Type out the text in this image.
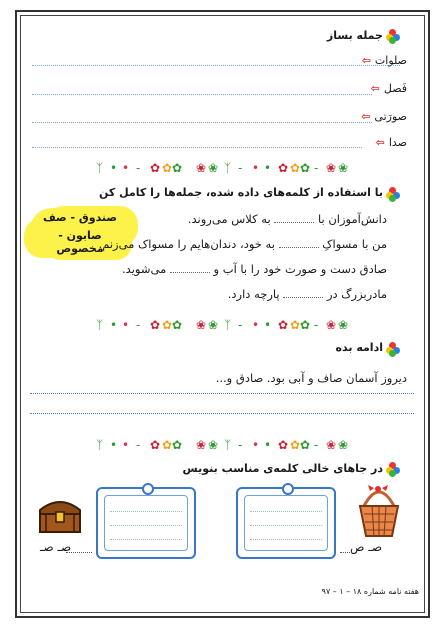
جمله بساز
صلوات
⇦
فَصل
⇦
صورَتی
⇦
صدا
⇦
ᛉ • • - ✿ ✿ ✿ ❀ ❀ ᛉ - • • ✿ ✿ ✿ - ❀ ❀
با استفاده از کلمه‌های داده شده، جمله‌ها را کامل کن
صندوق - صف
صابون - مخصوص
دانش‌آموزان با  به کلاس می‌روند.
من با مسواکِ  به خود، دندان‌هایم را مسواک می‌زنم.
صادق دست و صورت خود را با آب و  می‌شوید.
مادربزرگ در  پارچه دارد.
ᛉ • • - ✿ ✿ ✿ ❀ ❀ ᛉ - • • ✿ ✿ ✿ - ❀ ❀
ادامه بده
دیروز آسمان صاف و آبی بود. صادق و...
ᛉ • • - ✿ ✿ ✿ ❀ ❀ ᛉ - • • ✿ ✿ ✿ - ❀ ❀
در جاهای خالی کلمه‌ی مناسب بنویس
صـ صـ	صـ ص
هفته نامه شماره ۱۸ – ۱ – ۹۷
